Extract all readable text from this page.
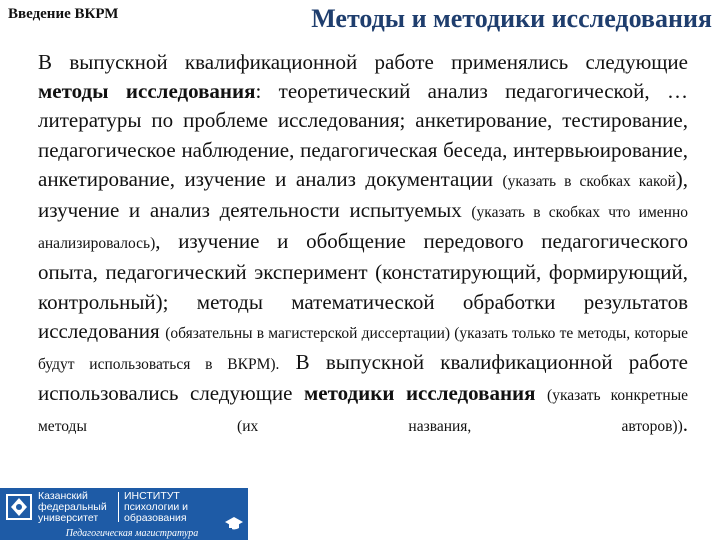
Введение ВКРМ	Методы и методики исследования
В выпускной квалификационной работе применялись следующие методы исследования: теоретический анализ педагогической, … литературы по проблеме исследования; анкетирование, тестирование, педагогическое наблюдение, педагогическая беседа, интервьюирование, анкетирование, изучение и анализ документации (указать в скобках какой), изучение и анализ деятельности испытуемых (указать в скобках что именно анализировалось), изучение и обобщение передового педагогического опыта, педагогический эксперимент (констатирующий, формирующий, контрольный); методы математической обработки результатов исследования (обязательны в магистерской диссертации) (указать только те методы, которые будут использоваться в ВКРМ). В выпускной квалификационной работе использовались следующие методики исследования (указать конкретные методы (их названия, авторов)).
Казанский
федеральный
университет
ИНСТИТУТ
психологии и образования
Педагогическая магистратура
